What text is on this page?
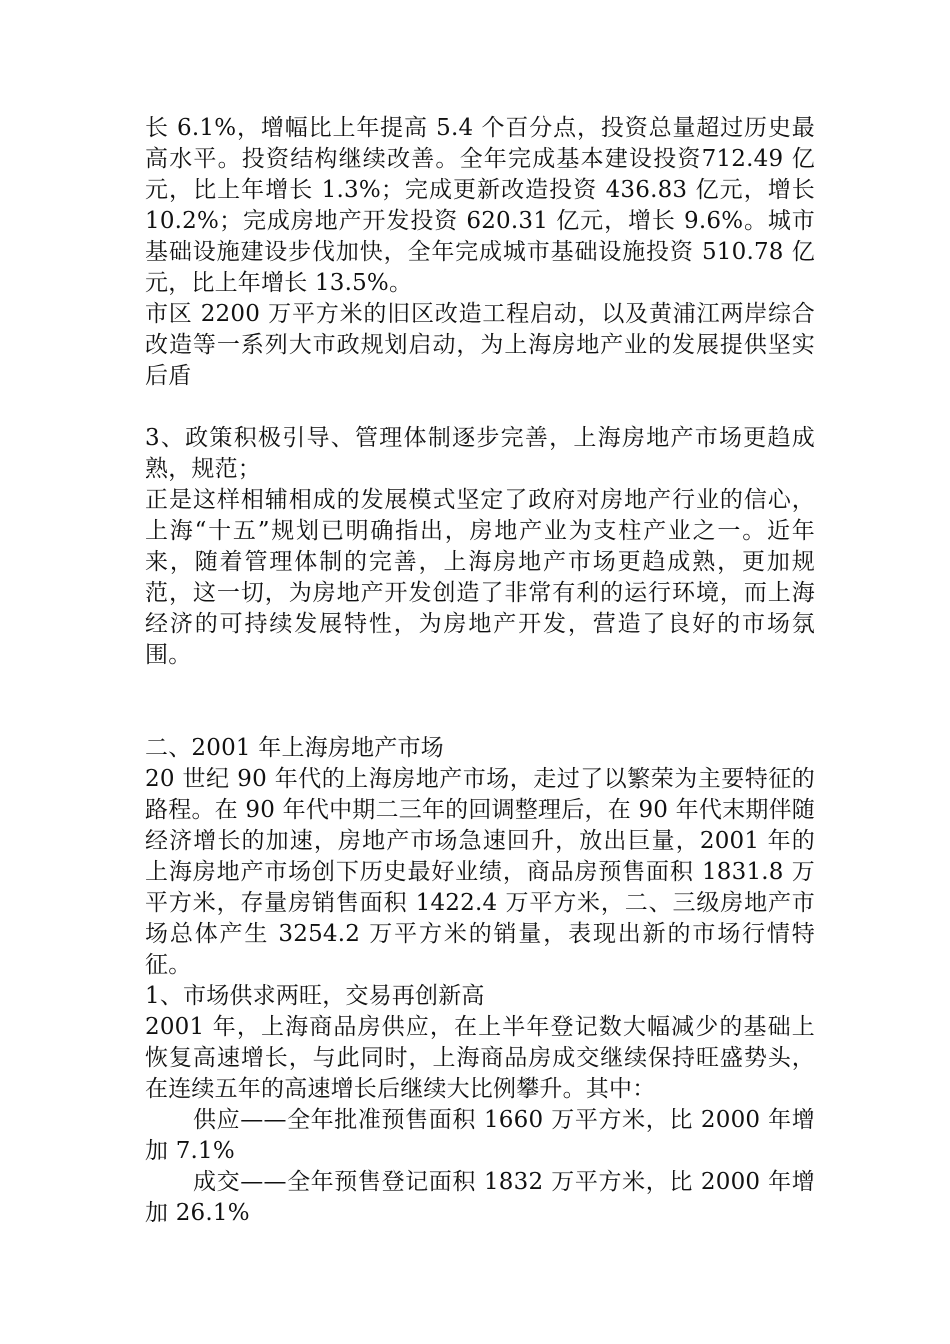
长 6.1%，增幅比上年提高 5.4 个百分点，投资总量超过历史最高水平。投资结构继续改善。全年完成基本建设投资712.49 亿元，比上年增长 1.3%；完成更新改造投资 436.83 亿元，增长 10.2%；完成房地产开发投资 620.31 亿元，增长 9.6%。城市基础设施建设步伐加快，全年完成城市基础设施投资 510.78 亿元，比上年增长 13.5%。

市区 2200 万平方米的旧区改造工程启动，以及黄浦江两岸综合改造等一系列大市政规划启动，为上海房地产业的发展提供坚实后盾

3、政策积极引导、管理体制逐步完善，上海房地产市场更趋成熟，规范；

正是这样相辅相成的发展模式坚定了政府对房地产行业的信心，上海“十五”规划已明确指出，房地产业为支柱产业之一。近年来，随着管理体制的完善，上海房地产市场更趋成熟，更加规范，这一切，为房地产开发创造了非常有利的运行环境，而上海经济的可持续发展特性，为房地产开发，营造了良好的市场氛围。

二、2001 年上海房地产市场

20 世纪 90 年代的上海房地产市场，走过了以繁荣为主要特征的路程。在 90 年代中期二三年的回调整理后，在 90 年代末期伴随经济增长的加速，房地产市场急速回升，放出巨量，2001 年的上海房地产市场创下历史最好业绩，商品房预售面积 1831.8 万平方米，存量房销售面积 1422.4 万平方米，二、三级房地产市场总体产生 3254.2 万平方米的销量，表现出新的市场行情特征。

1、市场供求两旺，交易再创新高

2001 年，上海商品房供应，在上半年登记数大幅减少的基础上恢复高速增长，与此同时，上海商品房成交继续保持旺盛势头，在连续五年的高速增长后继续大比例攀升。其中：

供应——全年批准预售面积 1660 万平方米，比 2000 年增加 7.1%

成交——全年预售登记面积 1832 万平方米，比 2000 年增加 26.1%
